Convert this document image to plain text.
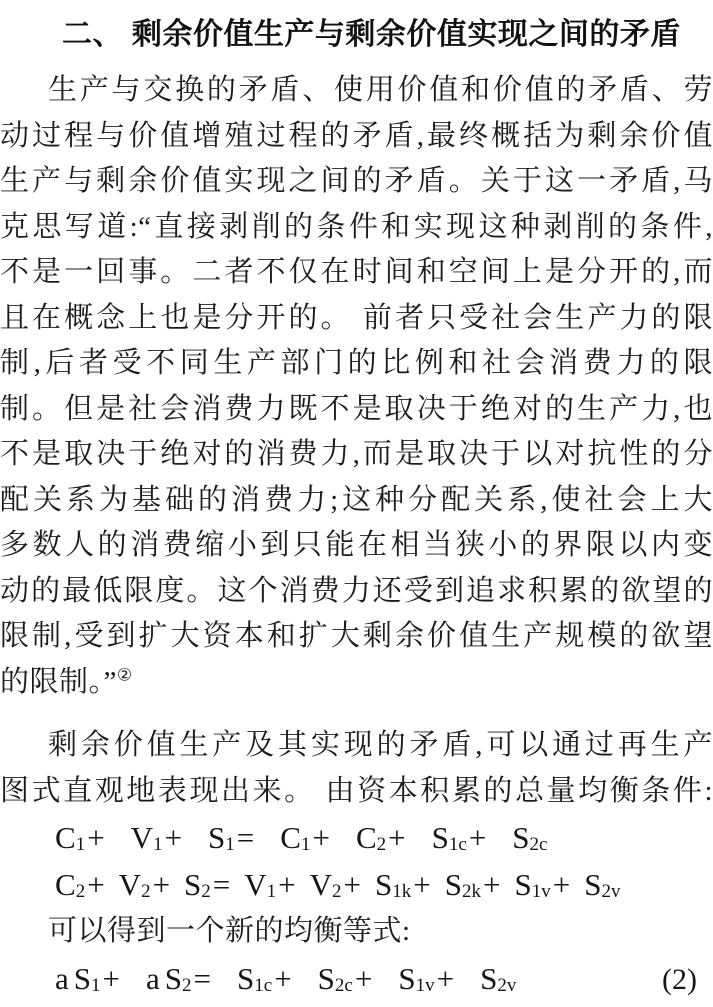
二、 剩余价值生产与剩余价值实现之间的矛盾
生产与交换的矛盾、使用价值和价值的矛盾、劳
动过程与价值增殖过程的矛盾,最终概括为剩余价值
生产与剩余价值实现之间的矛盾。关于这一矛盾,马
克思写道:“直接剥削的条件和实现这种剥削的条件,
不是一回事。二者不仅在时间和空间上是分开的,而
且在概念上也是分开的。 前者只受社会生产力的限
制,后者受不同生产部门的比例和社会消费力的限
制。但是社会消费力既不是取决于绝对的生产力,也
不是取决于绝对的消费力,而是取决于以对抗性的分
配关系为基础的消费力;这种分配关系,使社会上大
多数人的消费缩小到只能在相当狭小的界限以内变
动的最低限度。这个消费力还受到追求积累的欲望的
限制,受到扩大资本和扩大剩余价值生产规模的欲望
的限制。”②
剩余价值生产及其实现的矛盾,可以通过再生产
图式直观地表现出来。 由资本积累的总量均衡条件:
$C_1+ V_1+ S_1= C_1+ C_2+ S_{1c}+ S_{2c}$
$C_2+ V_2+ S_2= V_1+ V_2+ S_{1k}+ S_{2k}+ S_{1v}+ S_{2v}$
可以得到一个新的均衡等式:
a $S_1+ a$ $S_2= S_{1c}+ S_{2c}+ S_{1v}+ S_{2v}$	(2)
